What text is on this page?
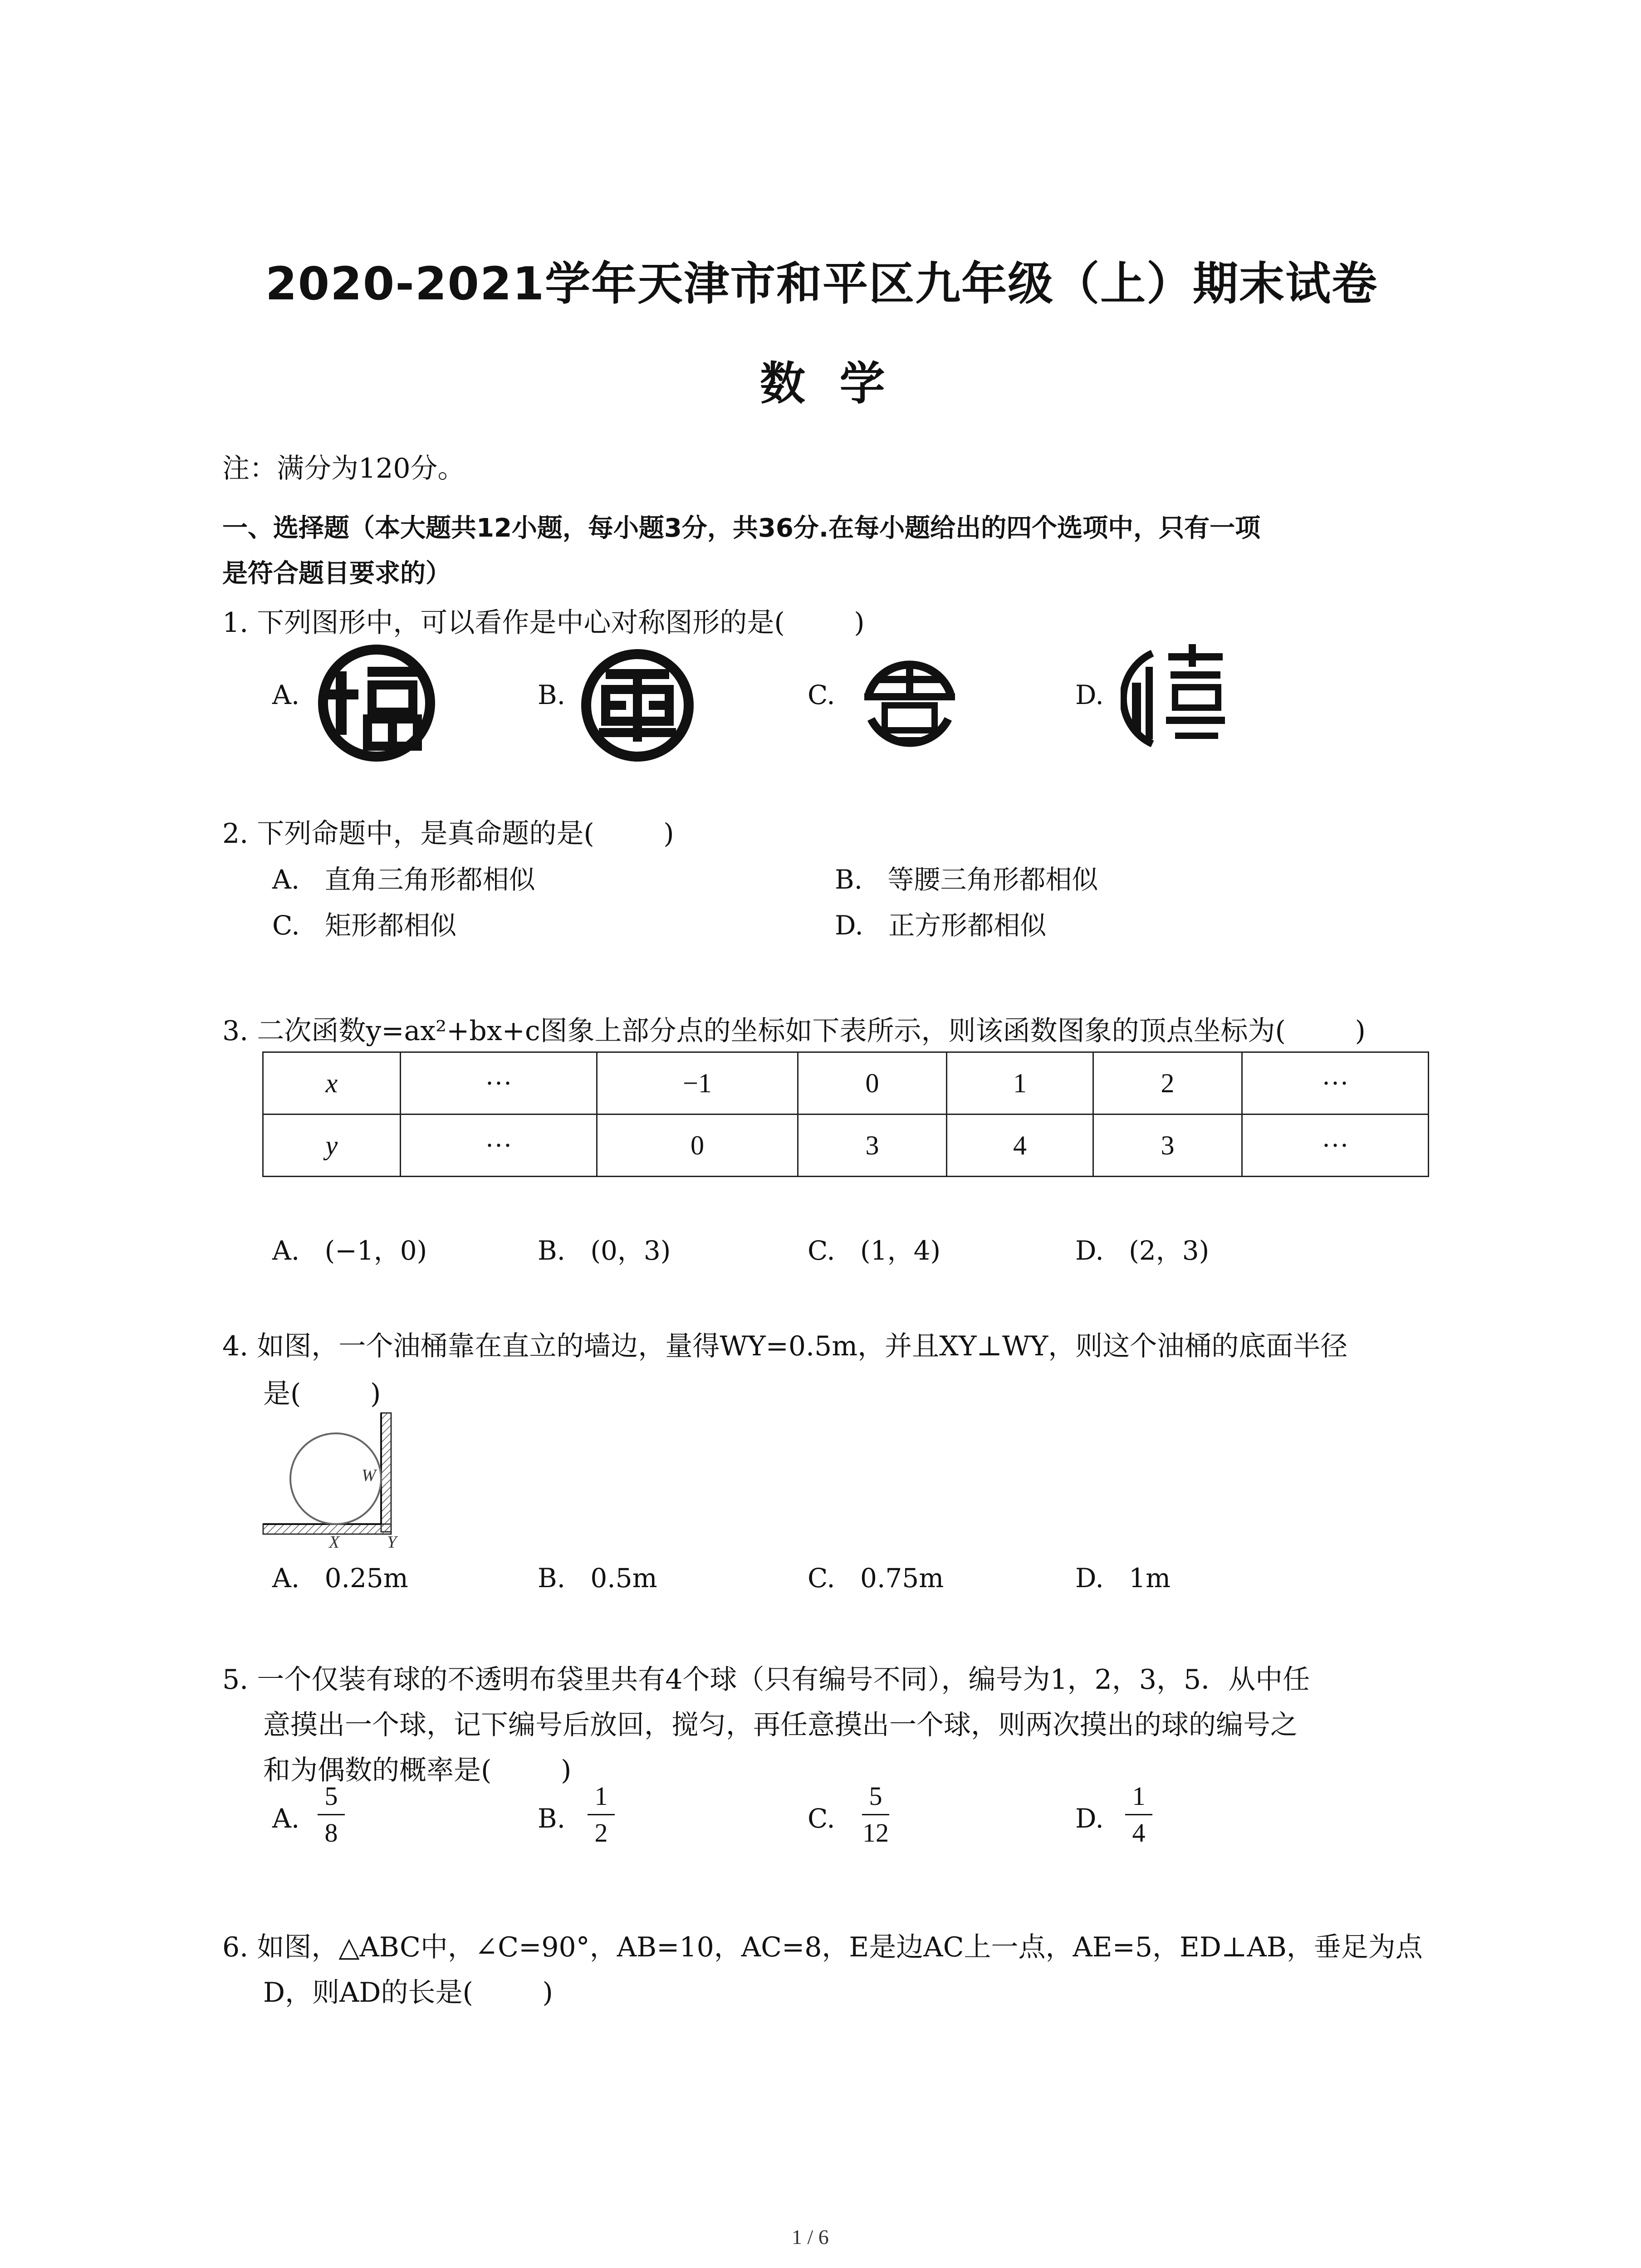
2020-2021学年天津市和平区九年级（上）期末试卷
数  学
注：满分为120分。
一、选择题（本大题共12小题，每小题3分，共36分.在每小题给出的四个选项中，只有一项
是符合题目要求的）
1. 下列图形中，可以看作是中心对称图形的是(        )
A.	B.	C.	D.
2. 下列命题中，是真命题的是(        )
A.   直角三角形都相似	B.   等腰三角形都相似
C.   矩形都相似	D.   正方形都相似
3. 二次函数y=ax²+bx+c图象上部分点的坐标如下表所示，则该函数图象的顶点坐标为(        )
x	···	−1	0	1	2	···
y	···	0	3	4	3	···
A.   (−1，0)	B.   (0，3)	C.   (1，4)	D.   (2，3)
4. 如图，一个油桶靠在直立的墙边，量得WY=0.5m，并且XY⊥WY，则这个油桶的底面半径
是(        )
W
X	Y
A.   0.25m	B.   0.5m	C.   0.75m	D.   1m
5. 一个仅装有球的不透明布袋里共有4个球（只有编号不同），编号为1，2，3，5．从中任
意摸出一个球，记下编号后放回，搅匀，再任意摸出一个球，则两次摸出的球的编号之
和为偶数的概率是(        )
A.
5
8	B.
1
2	C.
5
12	D.
1
4
6. 如图，△ABC中，∠C=90°，AB=10，AC=8，E是边AC上一点，AE=5，ED⊥AB，垂足为点
D，则AD的长是(        )
1 / 6
